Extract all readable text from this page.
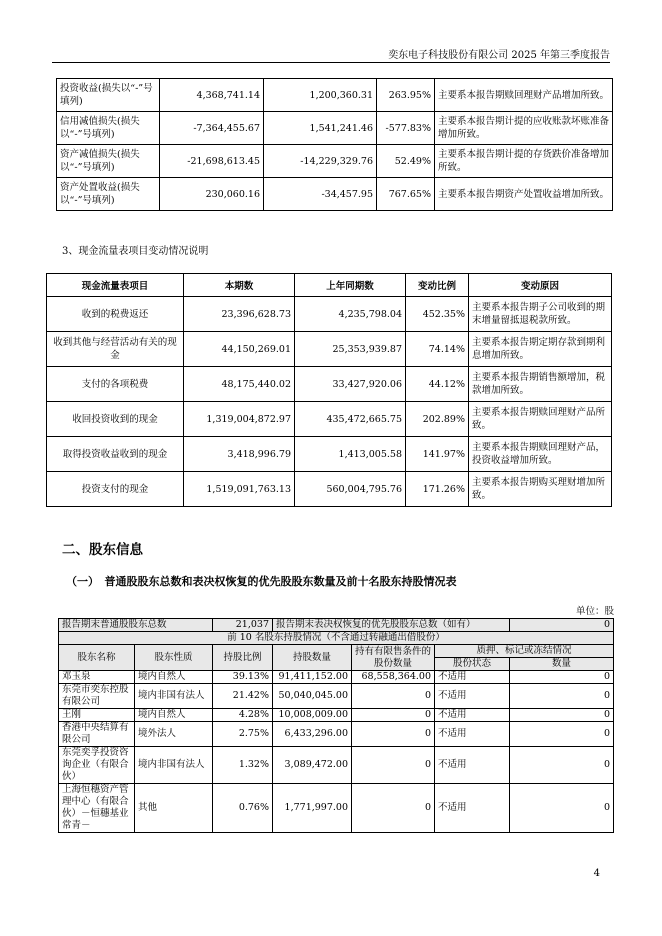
奕东电子科技股份有限公司 2025 年第三季度报告
投资收益(损失以“-”号填列)	4,368,741.14	1,200,360.31	263.95%	主要系本报告期赎回理财产品增加所致。
信用减值损失(损失以“-”号填列)	-7,364,455.67	1,541,241.46	-577.83%	主要系本报告期计提的应收账款坏账准备增加所致。
资产减值损失(损失以“-”号填列)	-21,698,613.45	-14,229,329.76	52.49%	主要系本报告期计提的存货跌价准备增加所致。
资产处置收益(损失以“-”号填列)	230,060.16	-34,457.95	767.65%	主要系本报告期资产处置收益增加所致。
3、现金流量表项目变动情况说明
现金流量表项目	本期数	上年同期数	变动比例	变动原因
收到的税费返还	23,396,628.73	4,235,798.04	452.35%	主要系本报告期子公司收到的期末增量留抵退税款所致。
收到其他与经营活动有关的现金	44,150,269.01	25,353,939.87	74.14%	主要系本报告期定期存款到期利息增加所致。
支付的各项税费	48,175,440.02	33,427,920.06	44.12%	主要系本报告期销售额增加，税款增加所致。
收回投资收到的现金	1,319,004,872.97	435,472,665.75	202.89%	主要系本报告期赎回理财产品所致。
取得投资收益收到的现金	3,418,996.79	1,413,005.58	141.97%	主要系本报告期赎回理财产品，投资收益增加所致。
投资支付的现金	1,519,091,763.13	560,004,795.76	171.26%	主要系本报告期购买理财增加所致。
二、股东信息
（一）　普通股股东总数和表决权恢复的优先股股东数量及前十名股东持股情况表
单位：股
报告期末普通股股东总数		21,037	报告期末表决权恢复的优先股股东总数（如有）			0
前 10 名股东持股情况（不含通过转融通出借股份）						
股东名称	股东性质	持股比例	持股数量	持有有限售条件的股份数量	质押、标记或冻结情况	
					股份状态	数量
邓玉泉	境内自然人	39.13%	91,411,152.00	68,558,364.00	不适用	0
东莞市奕东控股有限公司	境内非国有法人	21.42%	50,040,045.00	0	不适用	0
王刚	境内自然人	4.28%	10,008,009.00	0	不适用	0
香港中央结算有限公司	境外法人	2.75%	6,433,296.00	0	不适用	0
东莞奕孚投资咨询企业（有限合伙）	境内非国有法人	1.32%	3,089,472.00	0	不适用	0
上海恒穗资产管理中心（有限合伙）－恒穗基业常青－	其他	0.76%	1,771,997.00	0	不适用	0
4
